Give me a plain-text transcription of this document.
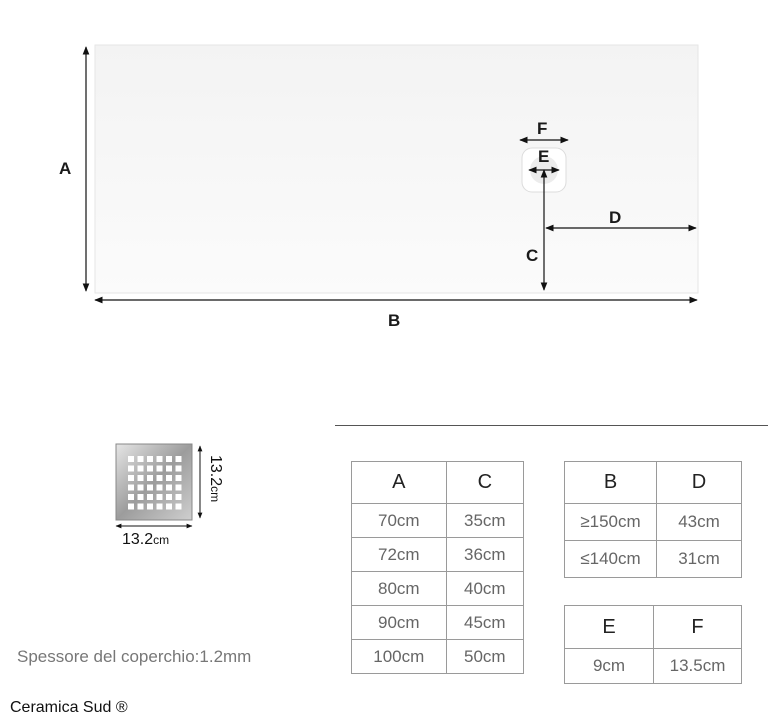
A
B
C
D
E
F
13.2cm
13.2cm
A	C
70cm	35cm
72cm	36cm
80cm	40cm
90cm	45cm
100cm	50cm
B	D
≥150cm	43cm
≤140cm	31cm
E	F
9cm	13.5cm
Spessore del coperchio:1.2mm
Ceramica Sud ®
